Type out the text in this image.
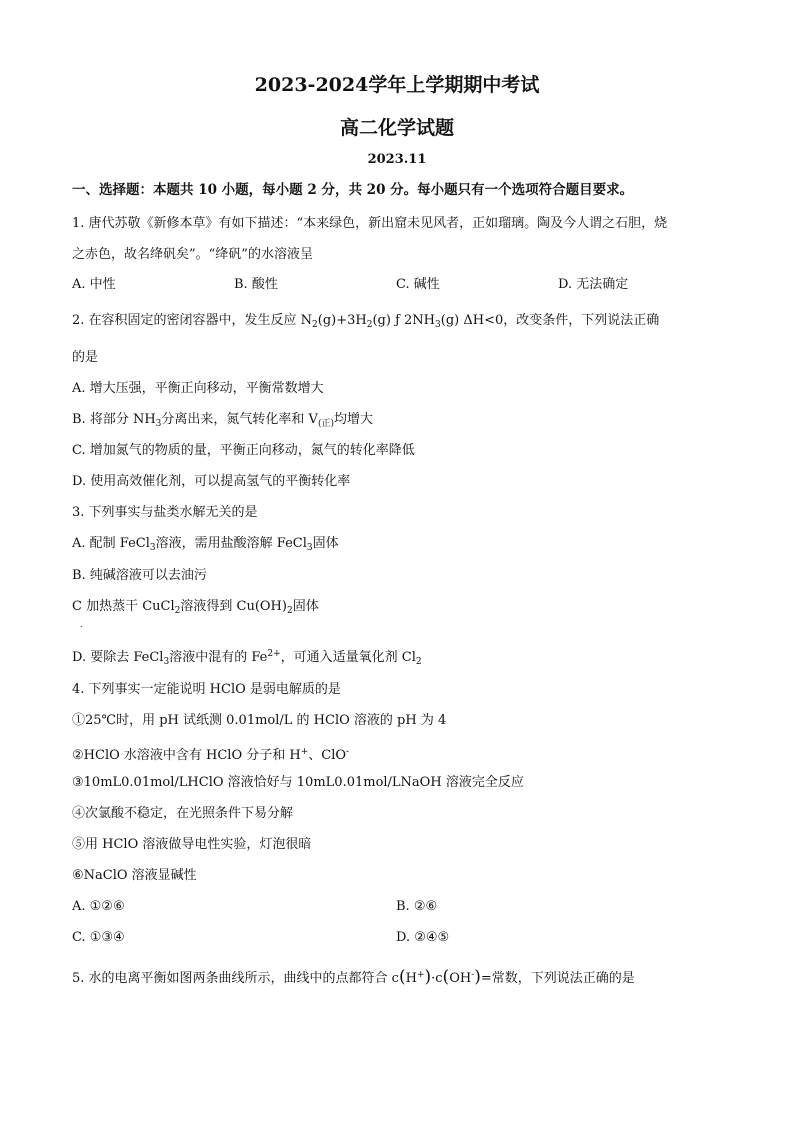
2023-2024学年上学期期中考试
高二化学试题
2023.11
一、选择题：本题共 10 小题，每小题 2 分，共 20 分。每小题只有一个选项符合题目要求。
1. 唐代苏敬《新修本草》有如下描述：“本来绿色，新出窟未见风者，正如瑠璃。陶及今人谓之石胆，烧
之赤色，故名绛矾矣”。“绛矾”的水溶液呈
A. 中性	B. 酸性	C. 碱性	D. 无法确定
2. 在容积固定的密闭容器中，发生反应 $N_2(g)+3H_2(g)$ ƒ $2NH_3(g)$ ΔH<0，改变条件，下列说法正确
的是
A. 增大压强，平衡正向移动，平衡常数增大
B. 将部分 $NH_3$分离出来，氮气转化率和 $V_{(正)}$均增大
C. 增加氮气的物质的量，平衡正向移动，氮气的转化率降低
D. 使用高效催化剂，可以提高氢气的平衡转化率
3. 下列事实与盐类水解无关的是
A. 配制 FeCl$_3$溶液，需用盐酸溶解 FeCl$_3$固体
B. 纯碱溶液可以去油污
C 加热蒸干 CuCl$_2$溶液得到 $Cu(OH)_2$固体
.
D. 要除去 FeCl$_3$溶液中混有的 $Fe^{2+}$，可通入适量氧化剂 $Cl_2$
4. 下列事实一定能说明 HClO 是弱电解质的是
①25℃时，用 pH 试纸测 0.01mol/L 的 HClO 溶液的 pH 为 4
②HClO 水溶液中含有 HClO 分子和 H+、ClO-
③10mL0.01mol/LHClO 溶液恰好与 10mL0.01mol/LNaOH 溶液完全反应
④次氯酸不稳定，在光照条件下易分解
⑤用 HClO 溶液做导电性实验，灯泡很暗
⑥NaClO 溶液显碱性
A. ①②⑥	B. ②⑥
C. ①③④	D. ②④⑤
5. 水的电离平衡如图两条曲线所示，曲线中的点都符合 c(H+)·c(OH-)=常数，下列说法正确的是
